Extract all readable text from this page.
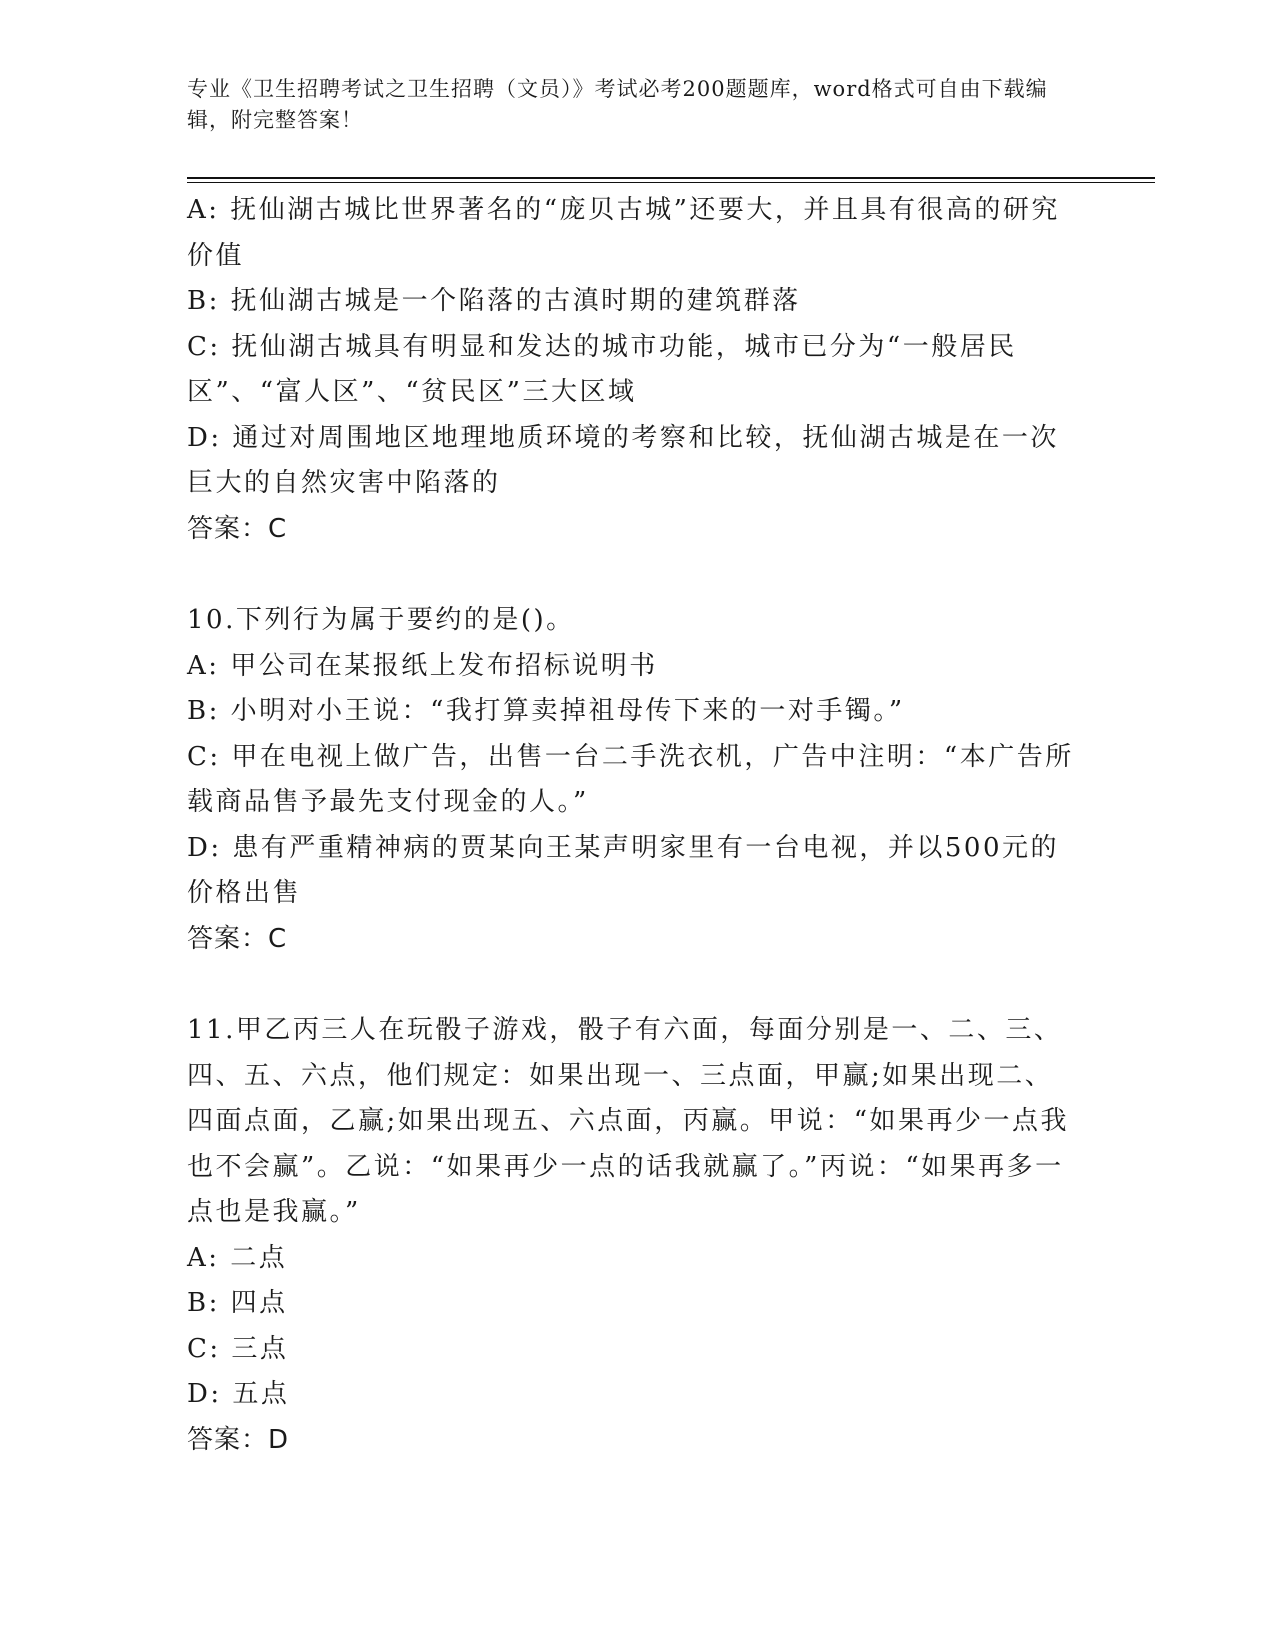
专业《卫生招聘考试之卫生招聘（文员）》考试必考200题题库，word格式可自由下载编辑，附完整答案！

A: 抚仙湖古城比世界著名的“庞贝古城”还要大，并且具有很高的研究价值

B: 抚仙湖古城是一个陷落的古滇时期的建筑群落

C: 抚仙湖古城具有明显和发达的城市功能，城市已分为“一般居民区”、“富人区”、“贫民区”三大区域

D: 通过对周围地区地理地质环境的考察和比较，抚仙湖古城是在一次巨大的自然灾害中陷落的

答案：C

10.下列行为属于要约的是()。

A: 甲公司在某报纸上发布招标说明书

B: 小明对小王说：“我打算卖掉祖母传下来的一对手镯。”

C: 甲在电视上做广告，出售一台二手洗衣机，广告中注明：“本广告所载商品售予最先支付现金的人。”

D: 患有严重精神病的贾某向王某声明家里有一台电视，并以500元的价格出售

答案：C

11.甲乙丙三人在玩骰子游戏，骰子有六面，每面分别是一、二、三、四、五、六点，他们规定：如果出现一、三点面，甲赢;如果出现二、四面点面，乙赢;如果出现五、六点面，丙赢。甲说：“如果再少一点我也不会赢”。乙说：“如果再少一点的话我就赢了。”丙说：“如果再多一点也是我赢。”

A: 二点

B: 四点

C: 三点

D: 五点

答案：D
